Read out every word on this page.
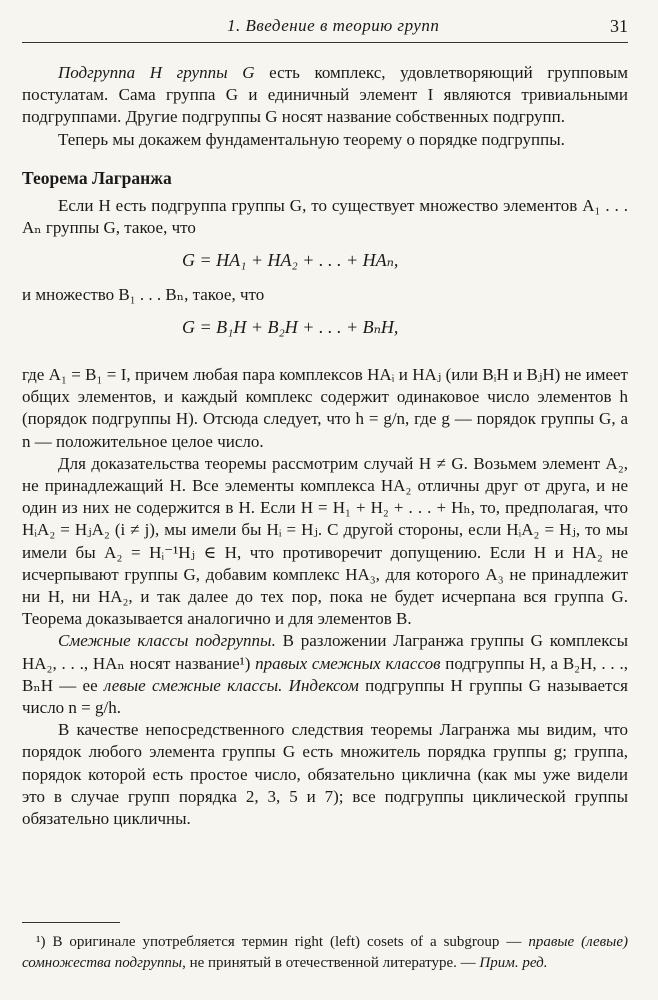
1. Введение в теорию групп	31

Подгруппа H группы G есть комплекс, удовлетворяющий групповым постулатам. Сама группа G и единичный элемент I являются тривиальными подгруппами. Другие подгруппы G носят название собственных подгрупп.

Теперь мы докажем фундаментальную теорему о порядке подгруппы.

Теорема Лагранжа

Если H есть подгруппа группы G, то существует множество элементов A₁ . . . Aₙ группы G, такое, что

G = HA₁ + HA₂ + . . . + HAₙ,

и множество B₁ . . . Bₙ, такое, что

G = B₁H + B₂H + . . . + BₙH,

где A₁ = B₁ = I, причем любая пара комплексов HAᵢ и HAⱼ (или BᵢH и BⱼH) не имеет общих элементов, и каждый комплекс содержит одинаковое число элементов h (порядок подгруппы H). Отсюда следует, что h = g/n, где g — порядок группы G, а n — положительное целое число.

Для доказательства теоремы рассмотрим случай H ≠ G. Возьмем элемент A₂, не принадлежащий H. Все элементы комплекса HA₂ отличны друг от друга, и не один из них не содержится в H. Если H = H₁ + H₂ + . . . + Hₕ, то, предполагая, что HᵢA₂ = HⱼA₂ (i ≠ j), мы имели бы Hᵢ = Hⱼ. С другой стороны, если HᵢA₂ = Hⱼ, то мы имели бы A₂ = Hᵢ⁻¹Hⱼ ∈ H, что противоречит допущению. Если H и HA₂ не исчерпывают группы G, добавим комплекс HA₃, для которого A₃ не принадлежит ни H, ни HA₂, и так далее до тех пор, пока не будет исчерпана вся группа G. Теорема доказывается аналогично и для элементов B.

Смежные классы подгруппы. В разложении Лагранжа группы G комплексы HA₂, . . ., HAₙ носят название¹) правых смежных классов подгруппы H, а B₂H, . . ., BₙH — ее левые смежные классы. Индексом подгруппы H группы G называется число n = g/h.

В качестве непосредственного следствия теоремы Лагранжа мы видим, что порядок любого элемента группы G есть множитель порядка группы g; группа, порядок которой есть простое число, обязательно циклична (как мы уже видели это в случае групп порядка 2, 3, 5 и 7); все подгруппы циклической группы обязательно цикличны.

¹) В оригинале употребляется термин right (left) cosets of a subgroup — правые (левые) сомножества подгруппы, не принятый в отечественной литературе. — Прим. ред.
